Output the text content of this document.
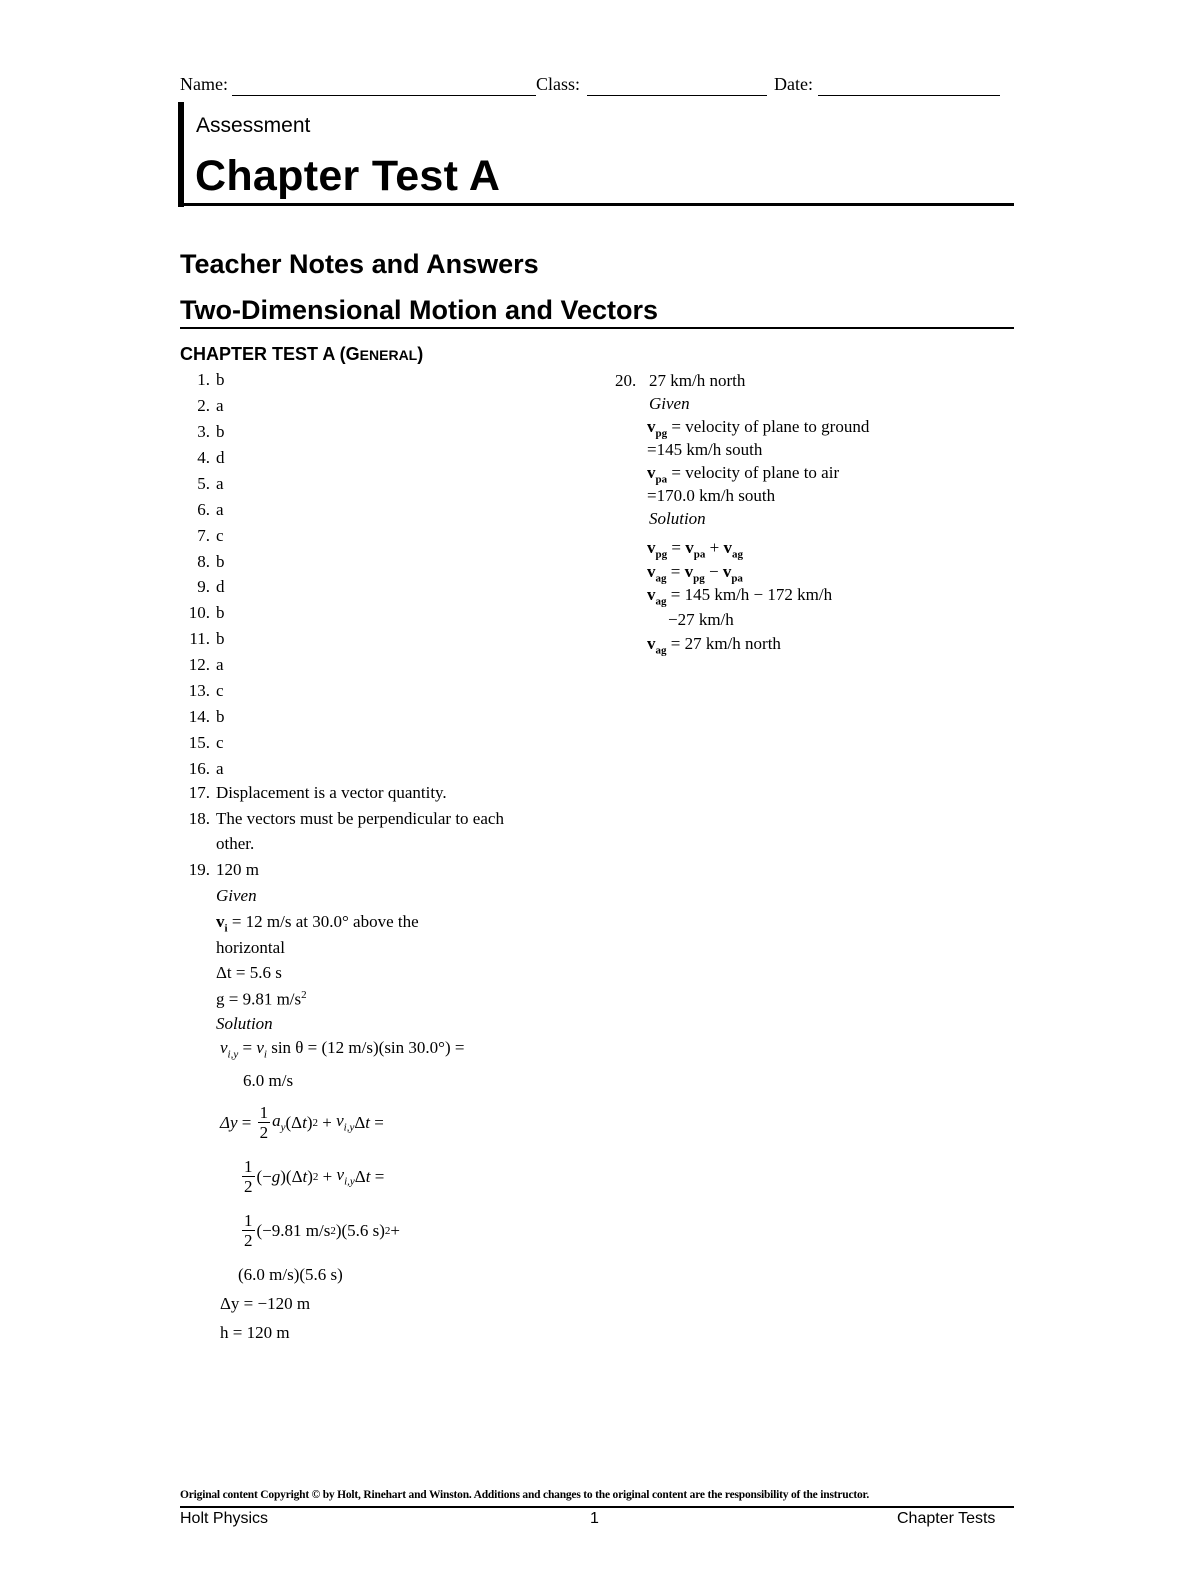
Name:	Class:	Date:
Assessment
Chapter Test A
Teacher Notes and Answers
Two-Dimensional Motion and Vectors
CHAPTER TEST A (GENERAL)
1. b
2. a
3. b
4. d
5. a
6. a
7. c
8. b
9. d
10. b
11. b
12. a
13. c
14. b
15. c
16. a
17. Displacement is a vector quantity.
18. The vectors must be perpendicular to each
other.
19. 120 m
Given
$v_i = 12$ m/s at 30.0° above the
horizontal
Δt = 5.6 s
g = 9.81 $m/s^2$
Solution
$v_{i,y} = v_i$ sin θ = (12 m/s)(sin 30.0°) =
6.0 m/s
$\Delta y = \frac{1}{2} a_y$ (Δ t ) $2 + v_{i,y}$ Δ t =
$\frac{1}{2}$ (− g )(Δ t ) $2 + v_{i,y}$ Δ t =
$\frac{1}{2} (-9.81$ m/s 2 )(5.6 s) 2 +
(6.0 m/s)(5.6 s)
Δy = −120 m
h = 120 m
20. 27 km/h north
Given
$v_{pg}$ = velocity of plane to ground
=145 km/h south
$v_{pa}$ = velocity of plane to air
=170.0 km/h south
Solution
$v_{pg} = v_{pa} + v_{ag}$
$v_{ag} = v_{pg} - v_{pa}$
$v_{ag} = 145$ km/h − 172 km/h
−27 km/h
$v_{ag} = 27$ km/h north
Original content Copyright © by Holt, Rinehart and Winston. Additions and changes to the original content are the responsibility of the instructor.
Holt Physics	1	Chapter Tests
